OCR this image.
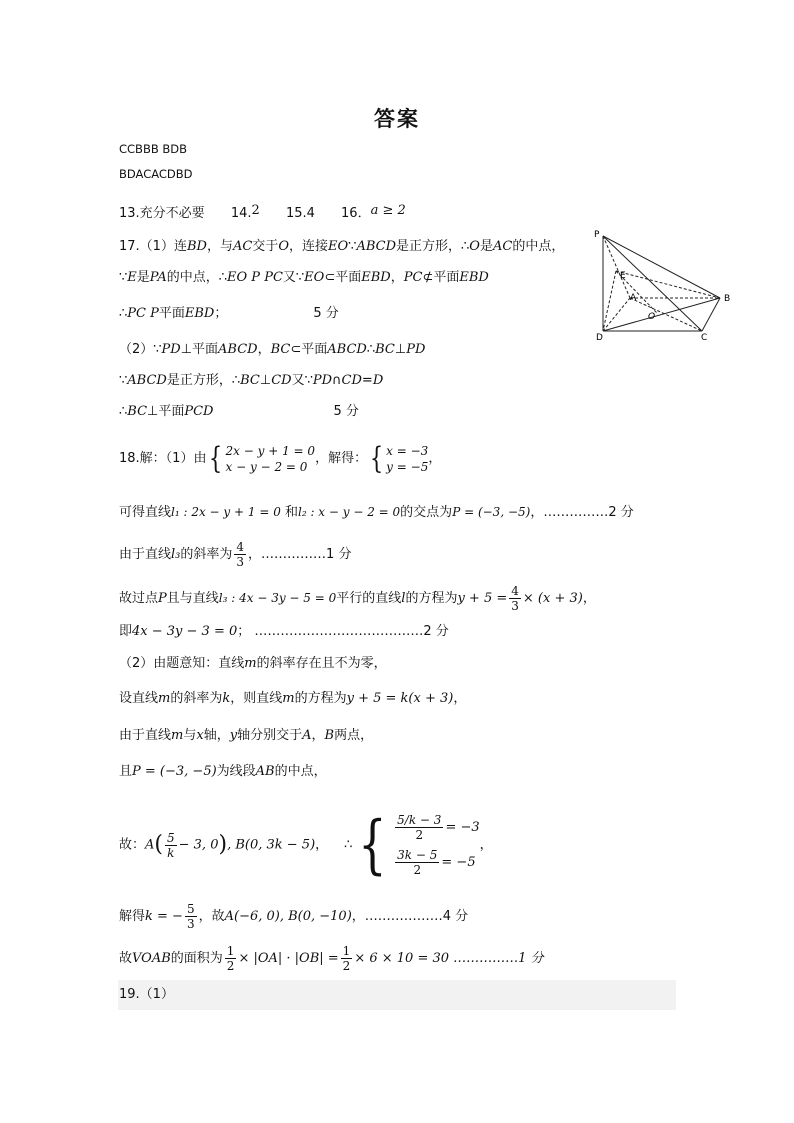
答案
CCBBB BDB
BDACACDBD
13.充分不必要 14.2 15.4 16．a ≥ 2
17.（1）连BD，与AC交于O，连接EO∵ABCD是正方形，∴O是AC的中点，
∵E是PA的中点，∴EO P PC又∵EO⊂平面EBD，PC⊄平面EBD
∴PC P平面EBD；	5 分
（2）∵PD⊥平面ABCD，BC⊂平面ABCD∴BC⊥PD
∵ABCD是正方形，∴BC⊥CD又∵PD∩CD=D
∴BC⊥平面PCD	5 分
P
E
A	B
O
D	C
18.解：（1）由{ 2x − y + 1 = 0
x − y − 2 = 0
，解得：{ x = −3
y = −5
，
可得直线l₁ : 2x − y + 1 = 0 和l₂ : x − y − 2 = 0的交点为P = (−3, −5)，……………2 分
由于直线l₃的斜率为 $\frac{4}{3}$ ，……………1 分
故过点P且与直线l₃ : 4x − 3y − 5 = 0平行的直线l的方程为$y + 5 = \frac{4}{3} \times (x + 3)$，
即4x − 3y − 3 = 0； …………………………………2 分
（2）由题意知：直线m的斜率存在且不为零，
设直线m的斜率为k，则直线m的方程为y + 5 = k(x + 3)，
由于直线m与x轴，y轴分别交于A，B两点，
且P = (−3, −5)为线段AB的中点，
故：$A( \frac{5}{k} - 3$, 0), B(0, 3k − 5)， ∴{ $\frac{5/k - 3}{2} = -3$
$\frac{3k - 5}{2} = -5$
，
解得k = − $\frac{5}{3}$ ，故A(−6, 0), B(0, −10)，………………4 分
故VOAB的面积为 $\frac{1}{2} \times |OA| \cdot |OB| = \frac{1}{2} \times 6 \times 10 = 30$ ……………1 分
19.（1）
